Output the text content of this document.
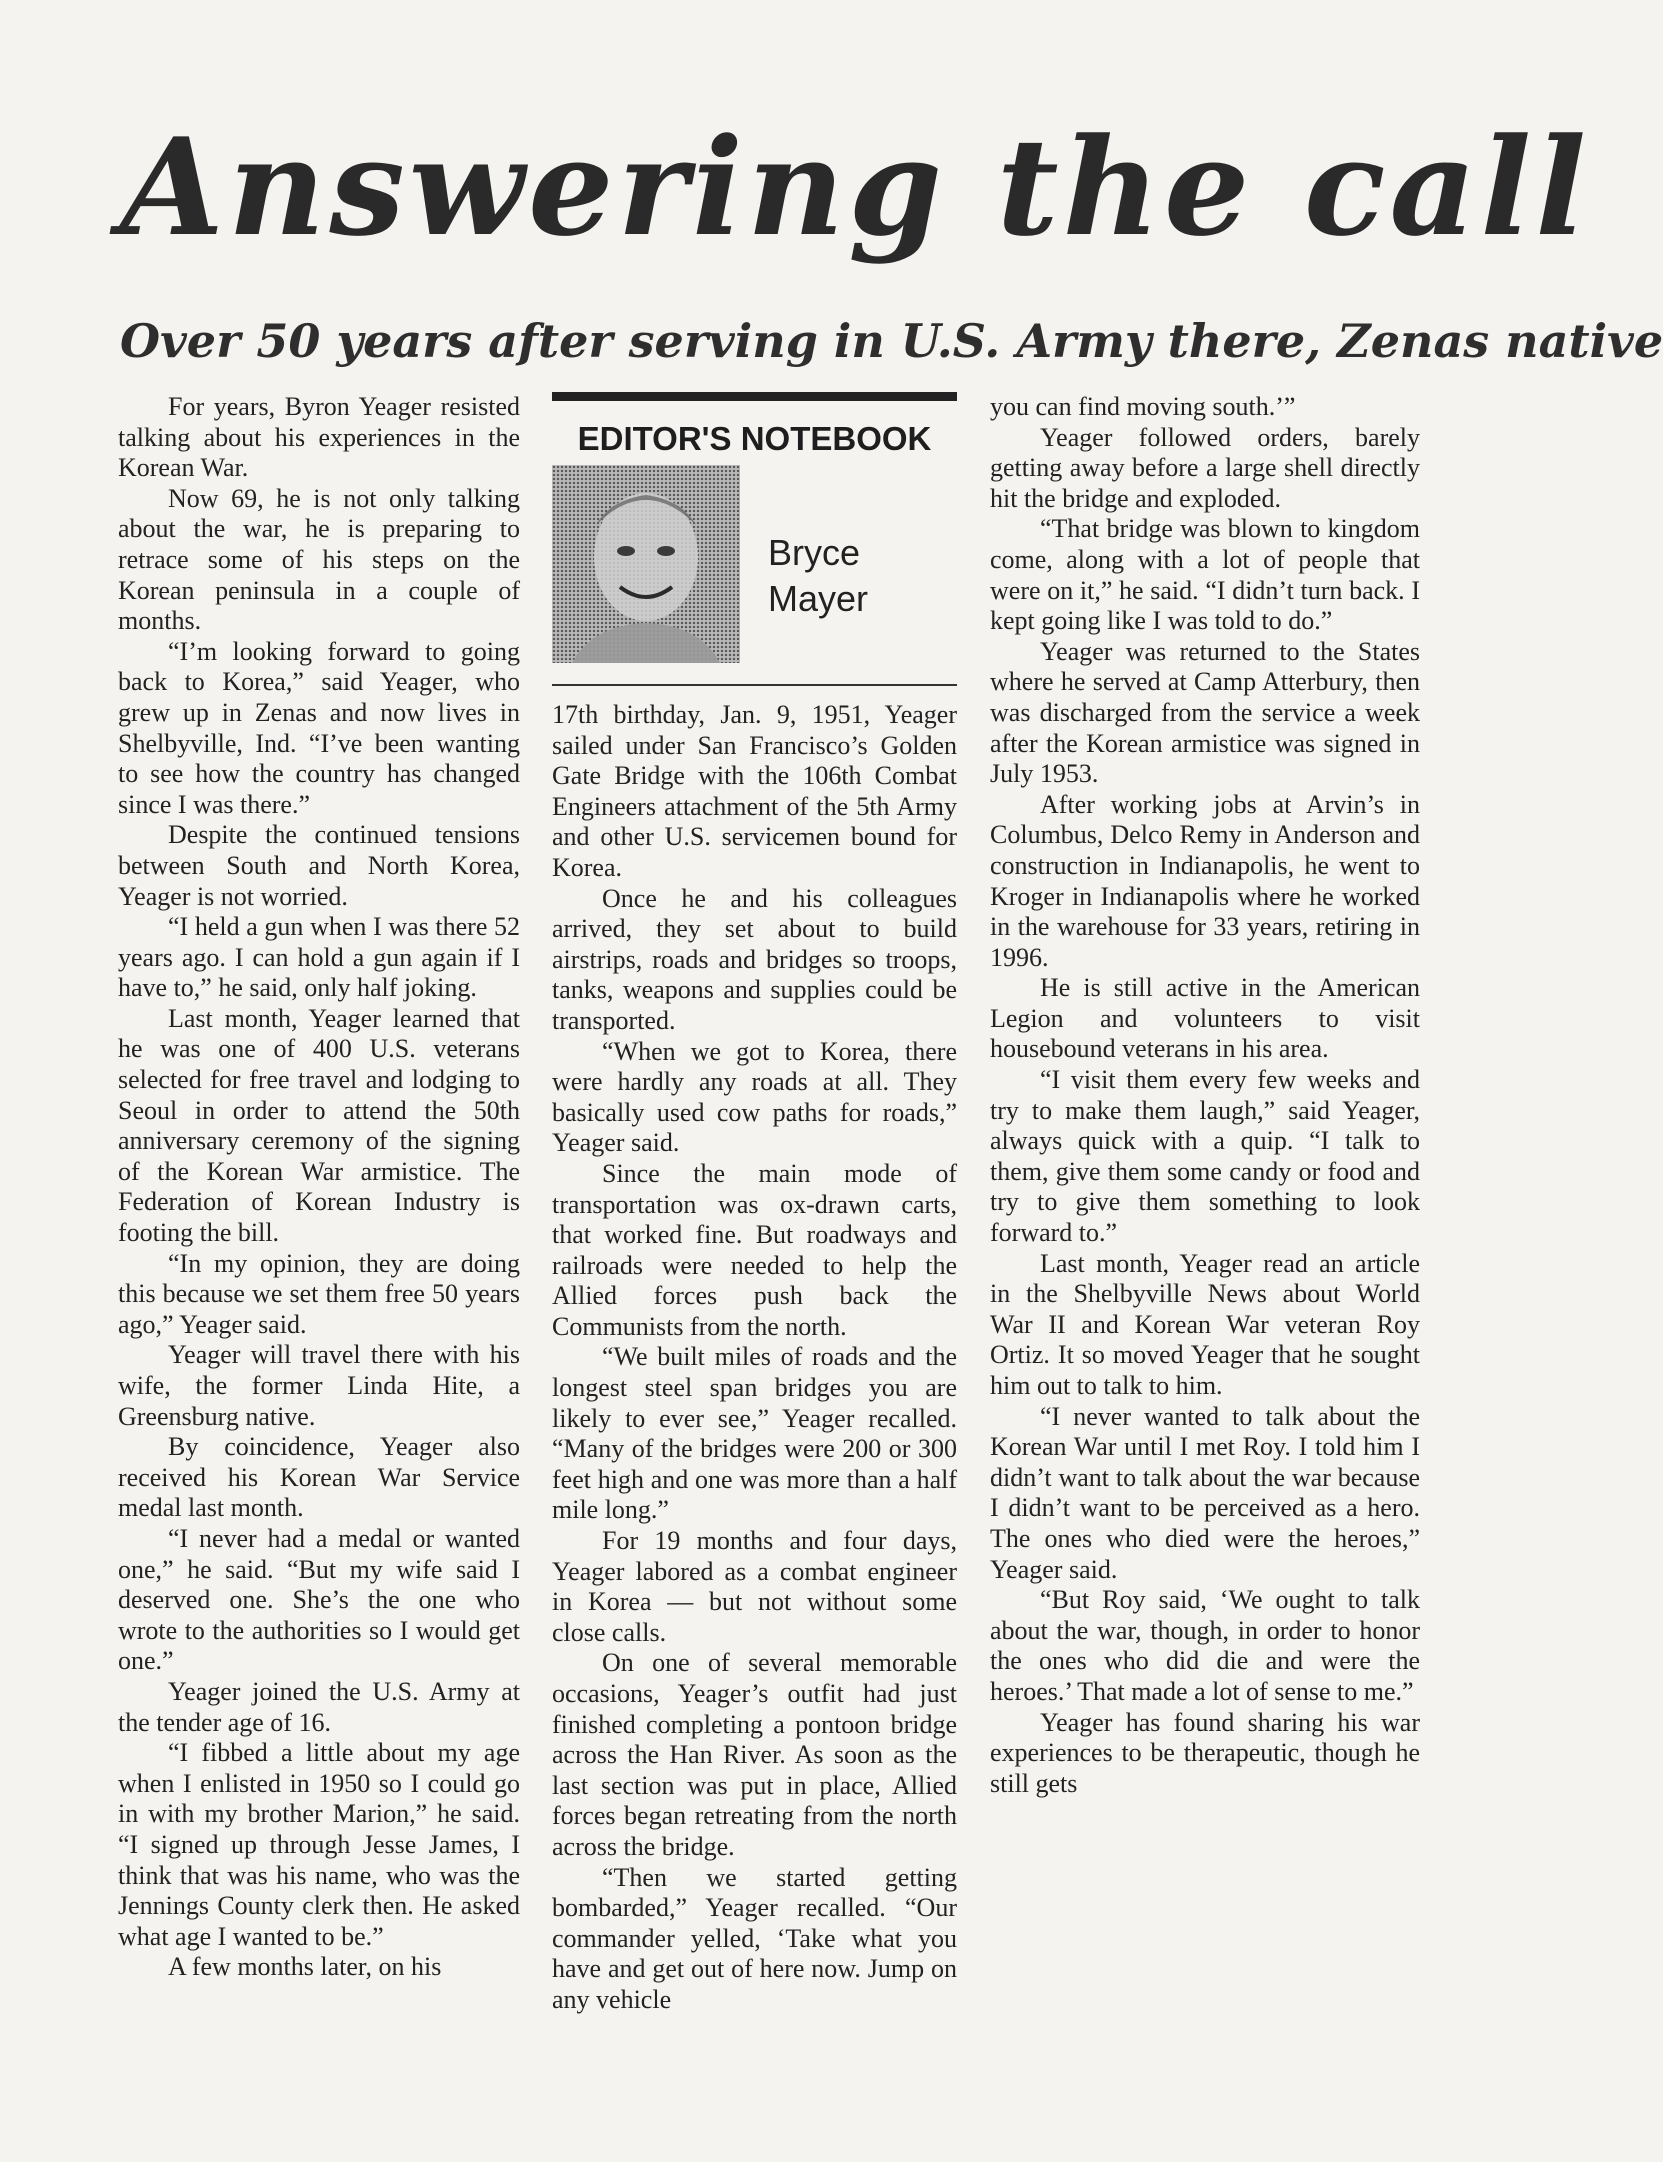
Answering the call
Over 50 years after serving in U.S. Army there, Zenas native

For years, Byron Yeager resisted talking about his experiences in the Korean War.

Now 69, he is not only talking about the war, he is preparing to retrace some of his steps on the Korean peninsula in a couple of months.

“I’m looking forward to going back to Korea,” said Yeager, who grew up in Zenas and now lives in Shelbyville, Ind. “I’ve been wanting to see how the country has changed since I was there.”

Despite the continued tensions between South and North Korea, Yeager is not worried.

“I held a gun when I was there 52 years ago. I can hold a gun again if I have to,” he said, only half joking.

Last month, Yeager learned that he was one of 400 U.S. veterans selected for free travel and lodging to Seoul in order to attend the 50th anniversary ceremony of the signing of the Korean War armistice. The Federation of Korean Industry is footing the bill.

“In my opinion, they are doing this because we set them free 50 years ago,” Yeager said.

Yeager will travel there with his wife, the former Linda Hite, a Greensburg native.

By coincidence, Yeager also received his Korean War Service medal last month.

“I never had a medal or wanted one,” he said. “But my wife said I deserved one. She’s the one who wrote to the authorities so I would get one.”

Yeager joined the U.S. Army at the tender age of 16.

“I fibbed a little about my age when I enlisted in 1950 so I could go in with my brother Marion,” he said. “I signed up through Jesse James, I think that was his name, who was the Jennings County clerk then. He asked what age I wanted to be.”

A few months later, on his

EDITOR'S NOTEBOOK
Bryce
Mayer

17th birthday, Jan. 9, 1951, Yeager sailed under San Francisco’s Golden Gate Bridge with the 106th Combat Engineers attachment of the 5th Army and other U.S. servicemen bound for Korea.

Once he and his colleagues arrived, they set about to build airstrips, roads and bridges so troops, tanks, weapons and supplies could be transported.

“When we got to Korea, there were hardly any roads at all. They basically used cow paths for roads,” Yeager said.

Since the main mode of transportation was ox-drawn carts, that worked fine. But roadways and railroads were needed to help the Allied forces push back the Communists from the north.

“We built miles of roads and the longest steel span bridges you are likely to ever see,” Yeager recalled. “Many of the bridges were 200 or 300 feet high and one was more than a half mile long.”

For 19 months and four days, Yeager labored as a combat engineer in Korea — but not without some close calls.

On one of several memorable occasions, Yeager’s outfit had just finished completing a pontoon bridge across the Han River. As soon as the last section was put in place, Allied forces began retreating from the north across the bridge.

“Then we started getting bombarded,” Yeager recalled. “Our commander yelled, ‘Take what you have and get out of here now. Jump on any vehicle

you can find moving south.’”

Yeager followed orders, barely getting away before a large shell directly hit the bridge and exploded.

“That bridge was blown to kingdom come, along with a lot of people that were on it,” he said. “I didn’t turn back. I kept going like I was told to do.”

Yeager was returned to the States where he served at Camp Atterbury, then was discharged from the service a week after the Korean armistice was signed in July 1953.

After working jobs at Arvin’s in Columbus, Delco Remy in Anderson and construction in Indianapolis, he went to Kroger in Indianapolis where he worked in the warehouse for 33 years, retiring in 1996.

He is still active in the American Legion and volunteers to visit housebound veterans in his area.

“I visit them every few weeks and try to make them laugh,” said Yeager, always quick with a quip. “I talk to them, give them some candy or food and try to give them something to look forward to.”

Last month, Yeager read an article in the Shelbyville News about World War II and Korean War veteran Roy Ortiz. It so moved Yeager that he sought him out to talk to him.

“I never wanted to talk about the Korean War until I met Roy. I told him I didn’t want to talk about the war because I didn’t want to be perceived as a hero. The ones who died were the heroes,” Yeager said.

“But Roy said, ‘We ought to talk about the war, though, in order to honor the ones who did die and were the heroes.’ That made a lot of sense to me.”

Yeager has found sharing his war experiences to be therapeutic, though he still gets
